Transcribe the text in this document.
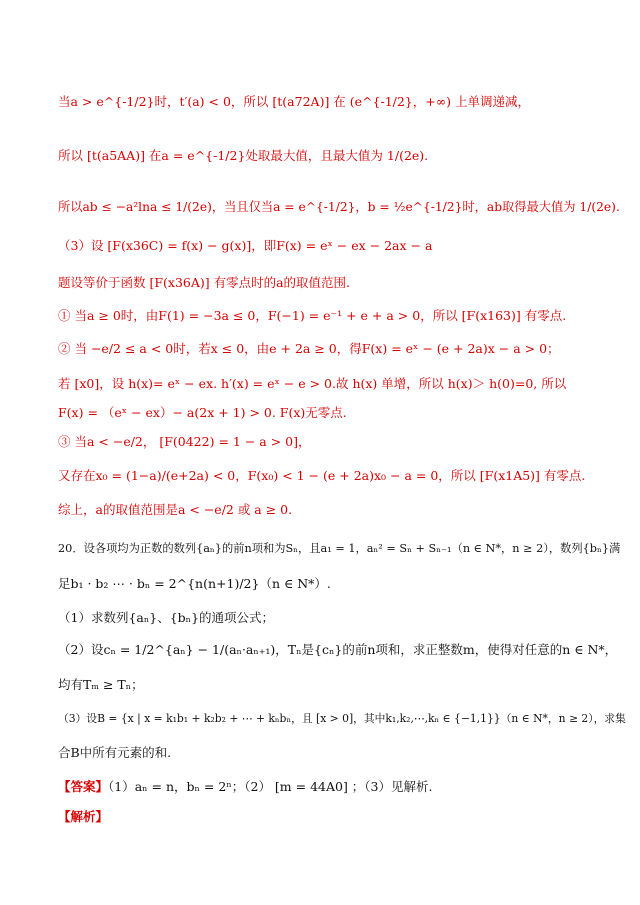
当a > e^{-1/2}时，t′(a) < 0，所以 [t(a72A)] 在 (e^{-1/2}，+∞) 上单调递减，
所以 [t(a5AA)] 在a = e^{-1/2}处取最大值，且最大值为 1/(2e).
所以ab ≤ −a²lna ≤ 1/(2e)，当且仅当a = e^{-1/2}，b = ½e^{-1/2}时，ab取得最大值为 1/(2e).
（3）设 [F(x36C) = f(x) − g(x)]，即F(x) = eˣ − ex − 2ax − a
题设等价于函数 [F(x36A)] 有零点时的a的取值范围.
① 当a ≥ 0时，由F(1) = −3a ≤ 0，F(−1) = e⁻¹ + e + a > 0，所以 [F(x163)] 有零点.
② 当 −e/2 ≤ a < 0时，若x ≤ 0，由e + 2a ≥ 0，得F(x) = eˣ − (e + 2a)x − a > 0；
若 [x0]，设 h(x)= eˣ − ex. h′(x) = eˣ − e > 0.故 h(x) 单增，所以 h(x)＞ h(0)=0, 所以
F(x) = （eˣ − ex）− a(2x + 1) > 0. F(x)无零点.
③ 当a < −e/2， [F(0422) = 1 − a > 0]，
又存在x₀ = (1−a)/(e+2a) < 0，F(x₀) < 1 − (e + 2a)x₀ − a = 0，所以 [F(x1A5)] 有零点.
综上，a的取值范围是a < −e/2 或 a ≥ 0.
20．设各项均为正数的数列{aₙ}的前n项和为Sₙ，且a₁ = 1，aₙ² = Sₙ + Sₙ₋₁（n ∈ N*，n ≥ 2），数列{bₙ}满
足b₁ · b₂ ⋯ · bₙ = 2^{n(n+1)/2}（n ∈ N*）.
（1）求数列{aₙ}、{bₙ}的通项公式；
（2）设cₙ = 1/2^{aₙ} − 1/(aₙ·aₙ₊₁)，Tₙ是{cₙ}的前n项和，求正整数m，使得对任意的n ∈ N*，
均有Tₘ ≥ Tₙ；
（3）设B = {x | x = k₁b₁ + k₂b₂ + ⋯ + kₙbₙ，且 [x > 0]，其中k₁,k₂,⋯,kₙ ∈ {−1,1}}（n ∈ N*，n ≥ 2），求集
合B中所有元素的和.
【答案】（1）aₙ = n，bₙ = 2ⁿ；（2） [m = 44A0] ；（3）见解析.
【解析】
